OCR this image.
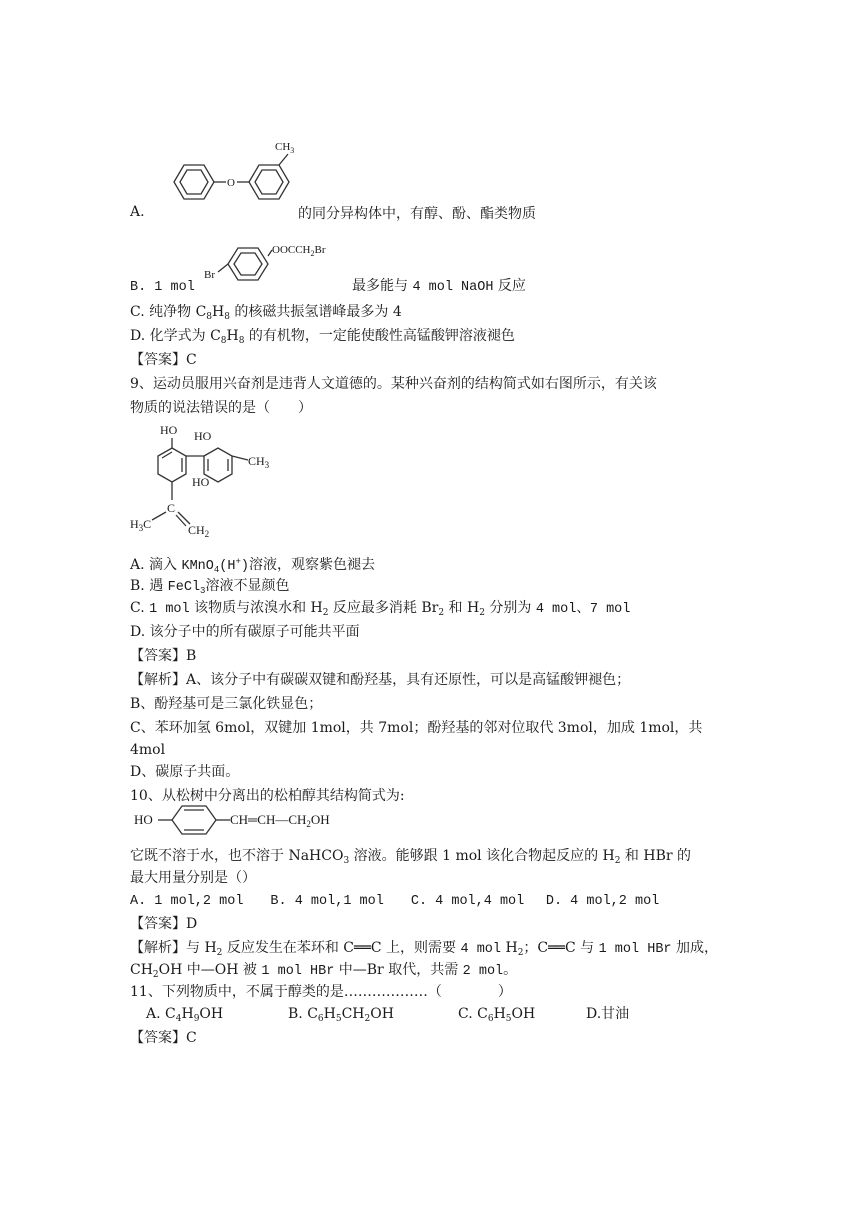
O
$CH_3$
A.	的同分异构体中，有醇、酚、酯类物质
Br
$OOCCH_2Br$
B. 1 mol	最多能与 4 mol NaOH 反应
C. 纯净物 $C_8H_8$ 的核磁共振氢谱峰最多为 4
D. 化学式为 $C_8H_8$ 的有机物，一定能使酸性高锰酸钾溶液褪色
【答案】C
9、运动员服用兴奋剂是违背人文道德的。某种兴奋剂的结构简式如右图所示，有关该
物质的说法错误的是（　　）
HO HO
$CH_3$
HO
C
$H_3C$	$CH_2$
A. 滴入 KMnO$_4$(H+)溶液，观察紫色褪去
B. 遇 FeCl$_3$溶液不显颜色
C. 1 mol 该物质与浓溴水和 $H_2$ 反应最多消耗 $Br_2$ 和 $H_2$ 分别为 4 mol、7 mol
D. 该分子中的所有碳原子可能共平面
【答案】B
【解析】A、该分子中有碳碳双键和酚羟基，具有还原性，可以是高锰酸钾褪色；
B、酚羟基可是三氯化铁显色；
C、苯环加氢 6mol，双键加 1mol，共 7mol；酚羟基的邻对位取代 3mol，加成 1mol，共
4mol
D、碳原子共面。
10、从松树中分离出的松柏醇其结构简式为:
HO	$CH═CH—CH_2OH$
它既不溶于水，也不溶于 NaHCO$_3$ 溶液。能够跟 1 mol 该化合物起反应的 $H_2$ 和 HBr 的
最大用量分别是（）
A. 1 mol,2 mol　　B. 4 mol,1 mol　　C. 4 mol,4 mol　 D. 4 mol,2 mol
【答案】D
【解析】与 $H_2$ 反应发生在苯环和 C══C 上，则需要 4 mol $H_2$；C══C 与 1 mol HBr 加成，
$CH_2OH$ 中—OH 被 1 mol HBr 中—Br 取代，共需 2 mol。
11、下列物质中，不属于醇类的是………………（　　　　）
A. $C_4H_9OH$	B. $C_6H_5CH_2OH$	C. $C_6H_5OH$	D.甘油
【答案】C
